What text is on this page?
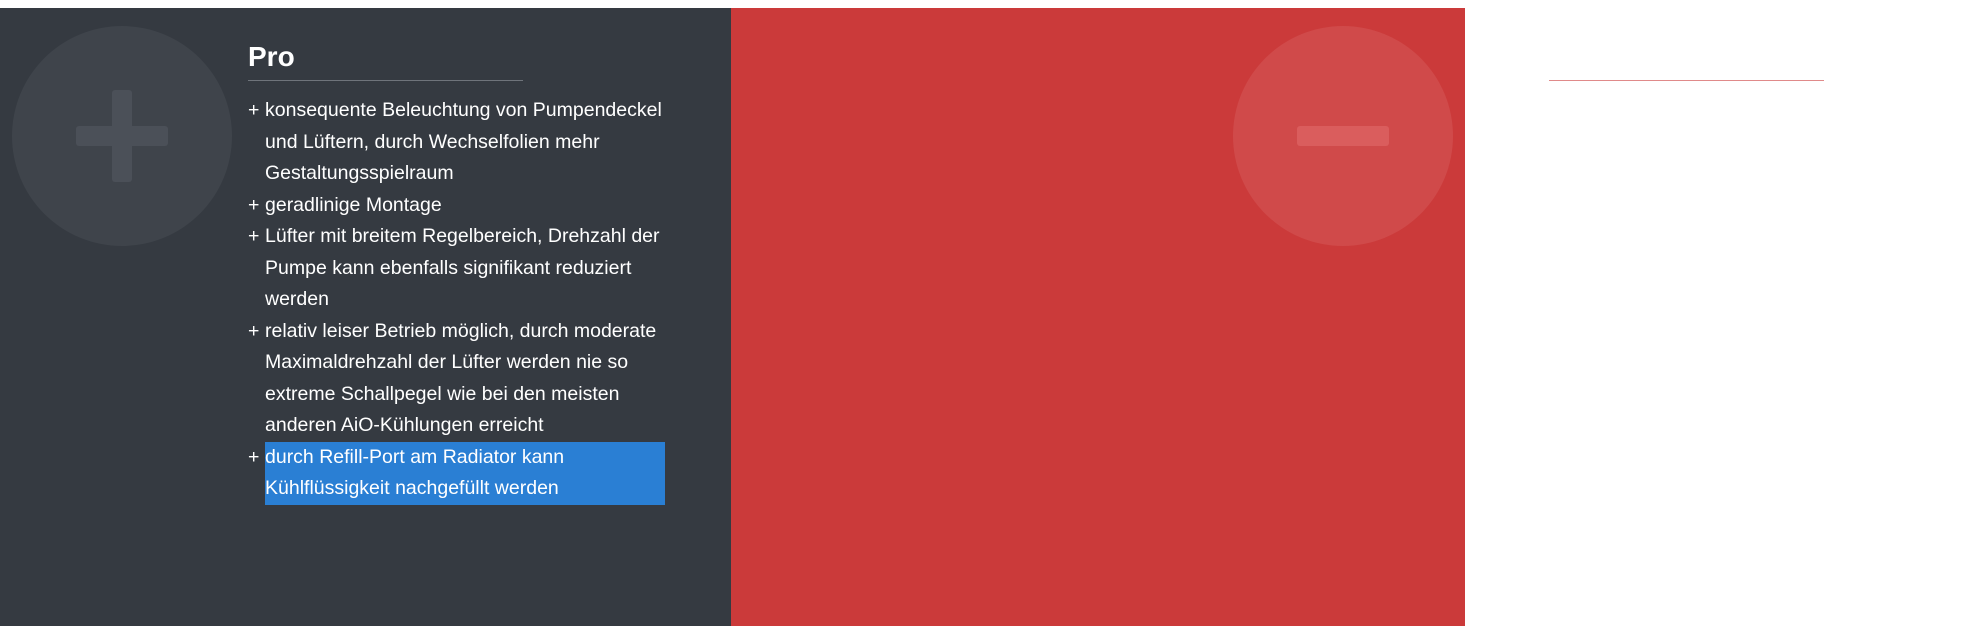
Pro
+ konsequente Beleuchtung von Pumpendeckel und Lüftern, durch Wechselfolien mehr Gestaltungsspielraum
+ geradlinige Montage
+ Lüfter mit breitem Regelbereich, Drehzahl der Pumpe kann ebenfalls signifikant reduziert werden
+ relativ leiser Betrieb möglich, durch moderate Maximaldrehzahl der Lüfter werden nie so extreme Schallpegel wie bei den meisten anderen AiO-Kühlungen erreicht
+ durch Refill-Port am Radiator kann Kühlflüssigkeit nachgefüllt werden
Kontra
- Kühlleistung zwar solide, im Testfeld gibt es aber eine ganze Reihe von leistungsstärkeren 360-mm-Modellen
- Garantiedauer mit drei Jahren vergleichsweise kurz
- anders als bei der Vorgängergeneration gehört keine Ersatz-Kühlflüssigkeit zum Lieferumfang
